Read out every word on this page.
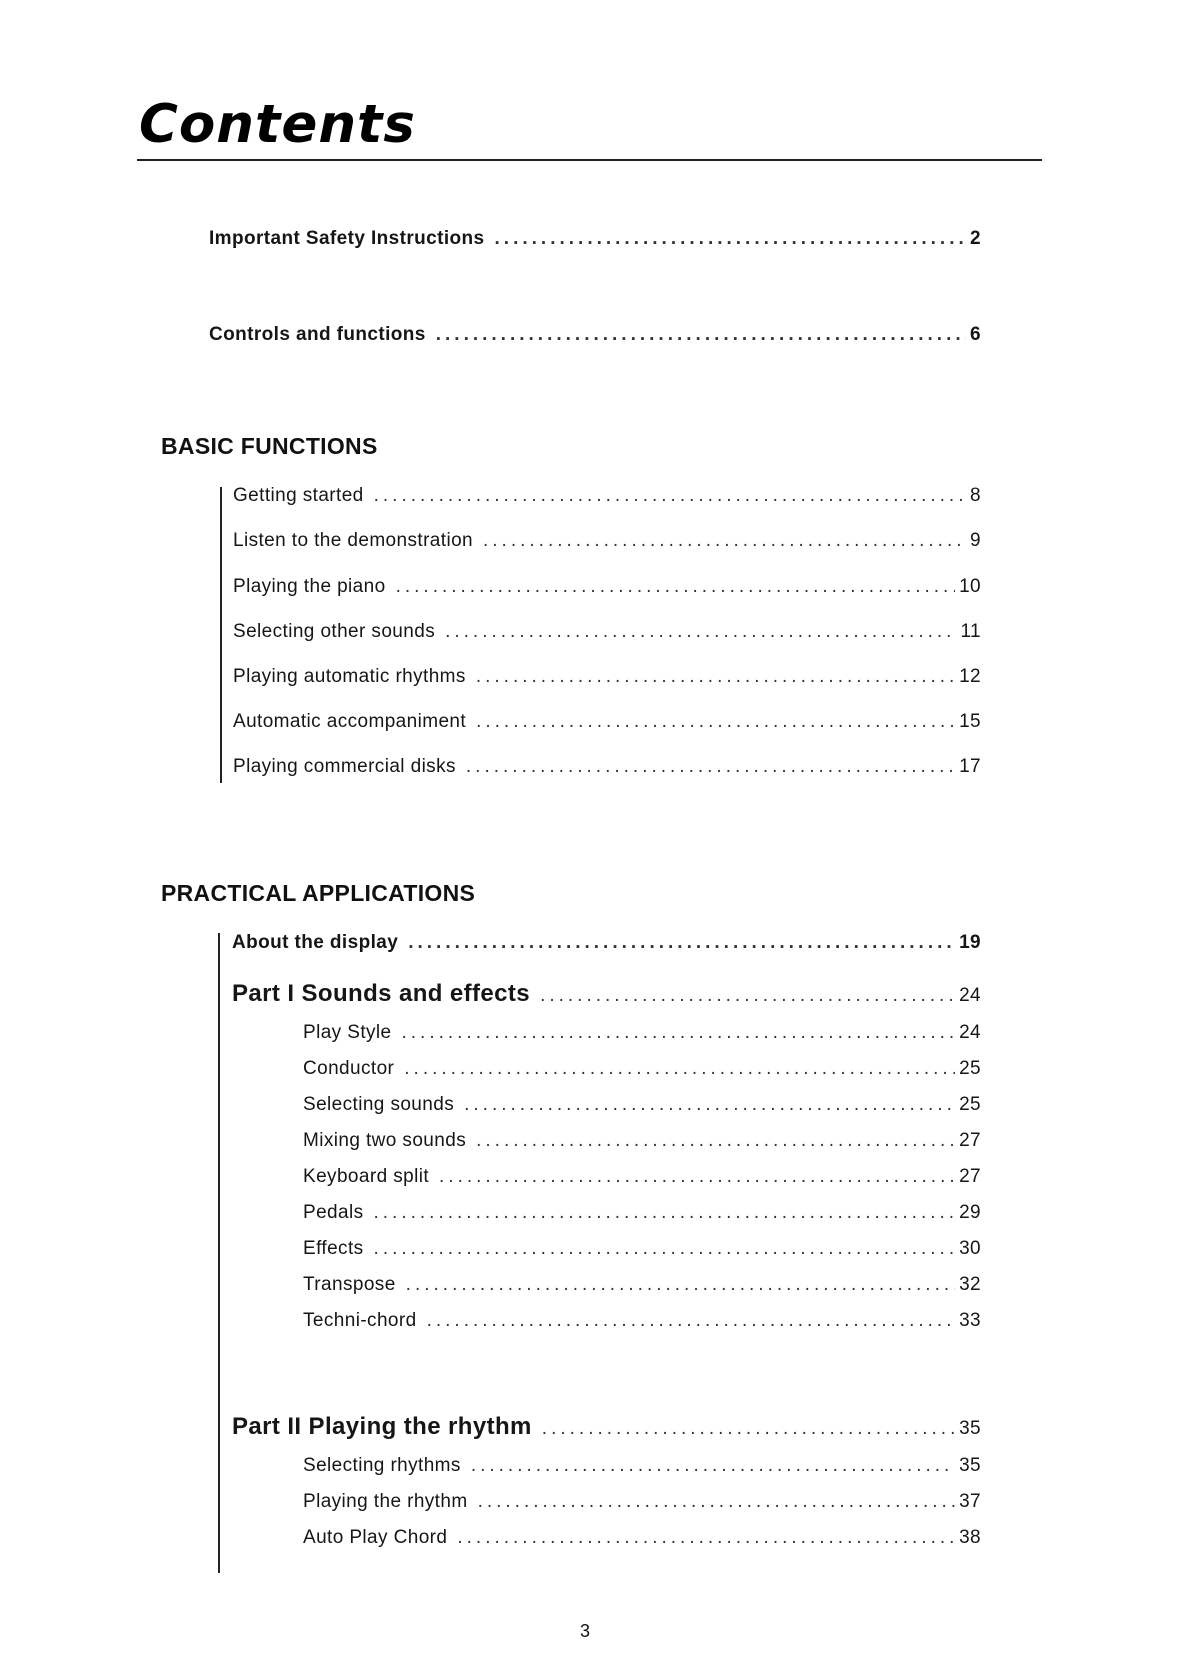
Contents
Important Safety Instructions .....	2
Controls and functions .....	6
BASIC FUNCTIONS
Getting started .....	8
Listen to the demonstration .....	9
Playing the piano .....	10
Selecting other sounds .....	11
Playing automatic rhythms .....	12
Automatic accompaniment .....	15
Playing commercial disks .....	17
PRACTICAL APPLICATIONS
About the display .....	19
Part I Sounds and effects .....	24
Play Style .....	24
Conductor .....	25
Selecting sounds .....	25
Mixing two sounds .....	27
Keyboard split .....	27
Pedals .....	29
Effects .....	30
Transpose .....	32
Techni-chord .....	33
Part II Playing the rhythm .....	35
Selecting rhythms .....	35
Playing the rhythm .....	37
Auto Play Chord .....	38
3
